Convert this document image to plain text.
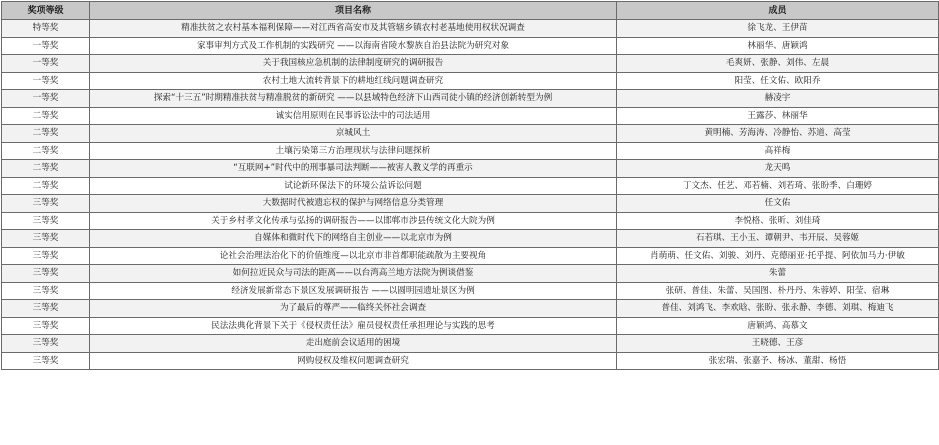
奖项等级	项目名称	成员
特等奖	精准扶贫之农村基本福利保障——对江西省高安市及其管辖乡镇农村老基地使用权状况调查	徐飞龙、王伊苗
一等奖	家事审判方式及工作机制的实践研究 ——以海南省陵水黎族自治县法院为研究对象	林丽华、唐颖鸿
一等奖	关于我国核应急机制的法律制度研究的调研报告	毛爽妍、张静、刘伟、左晨
一等奖	农村土地大流转背景下的耕地红线问题调查研究	阳莹、任文佑、欧阳乔
一等奖	探索“十三五”时期精准扶贫与精准脱贫的新研究 ——以县域特色经济下山西司徒小镇的经济创新转型为例	赫凌宇
二等奖	诚实信用原则在民事诉讼法中的司法适用	王露莎、林丽华
二等奖	京城风土	黄明楠、芳海涛、冷静怡、苏道、高莹
二等奖	土壤污染第三方治理现状与法律问题探析	高祥梅
二等奖	“互联网+”时代中的刑事暴司法判断——被害人教义学的再重示	龙天鸣
二等奖	试论新环保法下的环境公益诉讼问题	丁文杰、任艺、邓若楠、刘若琦、张盼季、白珊婷
三等奖	大数据时代被遗忘权的保护与网络信息分类管理	任文佑
三等奖	关于乡村孝文化传承与弘扬的调研报告——以邯郸市涉县传统文化大院为例	李悦格、张昕、刘佳琦
三等奖	自媒体和微时代下的网络自主创业——以北京市为例	石若琪、王小玉、谭朝尹、韦开辰、吴蓉姬
三等奖	论社会治理法治化下的价值维度—以北京市非首都职能疏散为主要视角	肖萌萌、任文佑、刘骏、刘丹、克德丽亚·托乎提、阿依加马力·伊敏
三等奖	如何拉近民众与司法的距离——以台湾高兰地方法院为例谈借鉴	朱蕾
三等奖	经济发展新常态下景区发展调研报告 ——以圆明园遗址景区为例	张研、普佳、朱蕾、吴国图、朴丹丹、朱蓉婷、阳莹、宿琳
三等奖	为了最后的尊严——临终关怀社会调查	普佳、刘鸿飞、李欢晗、张盼、张永静、李德、刘琪、梅迪飞
三等奖	民法法典化背景下关于《侵权责任法》雇员侵权责任承担理论与实践的思考	唐颖鸿、高慕文
三等奖	走出庭前会议适用的困境	王晓德、王彦
三等奖	网购侵权及维权问题调查研究	张宏瑞、张嘉予、杨冰、董甜、杨悟
